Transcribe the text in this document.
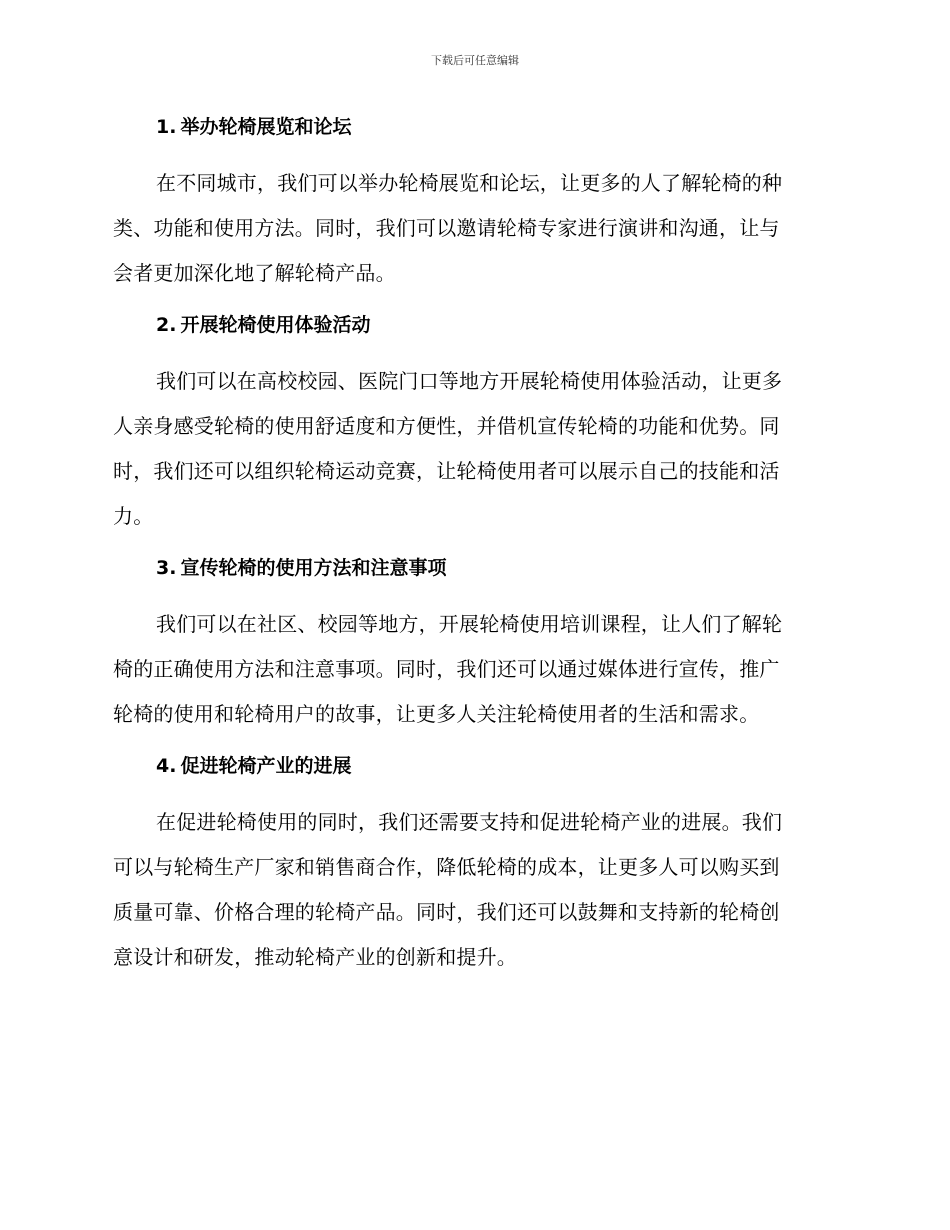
下载后可任意编辑
1. 举办轮椅展览和论坛
在不同城市，我们可以举办轮椅展览和论坛，让更多的人了解轮椅的种
类、功能和使用方法。同时，我们可以邀请轮椅专家进行演讲和沟通，让与
会者更加深化地了解轮椅产品。
2. 开展轮椅使用体验活动
我们可以在高校校园、医院门口等地方开展轮椅使用体验活动，让更多
人亲身感受轮椅的使用舒适度和方便性，并借机宣传轮椅的功能和优势。同
时，我们还可以组织轮椅运动竞赛，让轮椅使用者可以展示自己的技能和活
力。
3. 宣传轮椅的使用方法和注意事项
我们可以在社区、校园等地方，开展轮椅使用培训课程，让人们了解轮
椅的正确使用方法和注意事项。同时，我们还可以通过媒体进行宣传，推广
轮椅的使用和轮椅用户的故事，让更多人关注轮椅使用者的生活和需求。
4. 促进轮椅产业的进展
在促进轮椅使用的同时，我们还需要支持和促进轮椅产业的进展。我们
可以与轮椅生产厂家和销售商合作，降低轮椅的成本，让更多人可以购买到
质量可靠、价格合理的轮椅产品。同时，我们还可以鼓舞和支持新的轮椅创
意设计和研发，推动轮椅产业的创新和提升。
